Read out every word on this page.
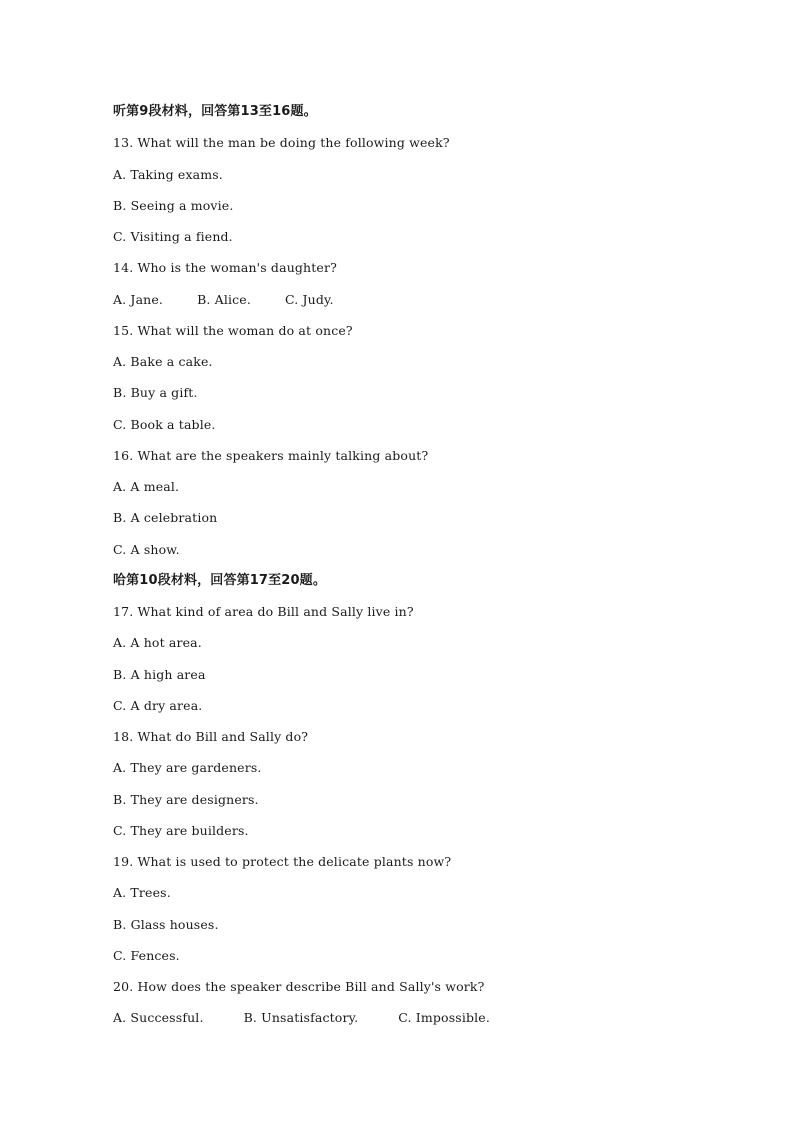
听第9段材料，回答第13至16题。
13. What will the man be doing the following week?
A. Taking exams.
B. Seeing a movie.
C. Visiting a fiend.
14. Who is the woman's daughter?
A. Jane.	B. Alice.	C. Judy.
15. What will the woman do at once?
A. Bake a cake.
B. Buy a gift.
C. Book a table.
16. What are the speakers mainly talking about?
A. A meal.
B. A celebration
C. A show.
哈第10段材料，回答第17至20题。
17. What kind of area do Bill and Sally live in?
A. A hot area.
B. A high area
C. A dry area.
18. What do Bill and Sally do?
A. They are gardeners.
B. They are designers.
C. They are builders.
19. What is used to protect the delicate plants now?
A. Trees.
B. Glass houses.
C. Fences.
20. How does the speaker describe Bill and Sally's work?
A. Successful.	B. Unsatisfactory.	C. Impossible.
